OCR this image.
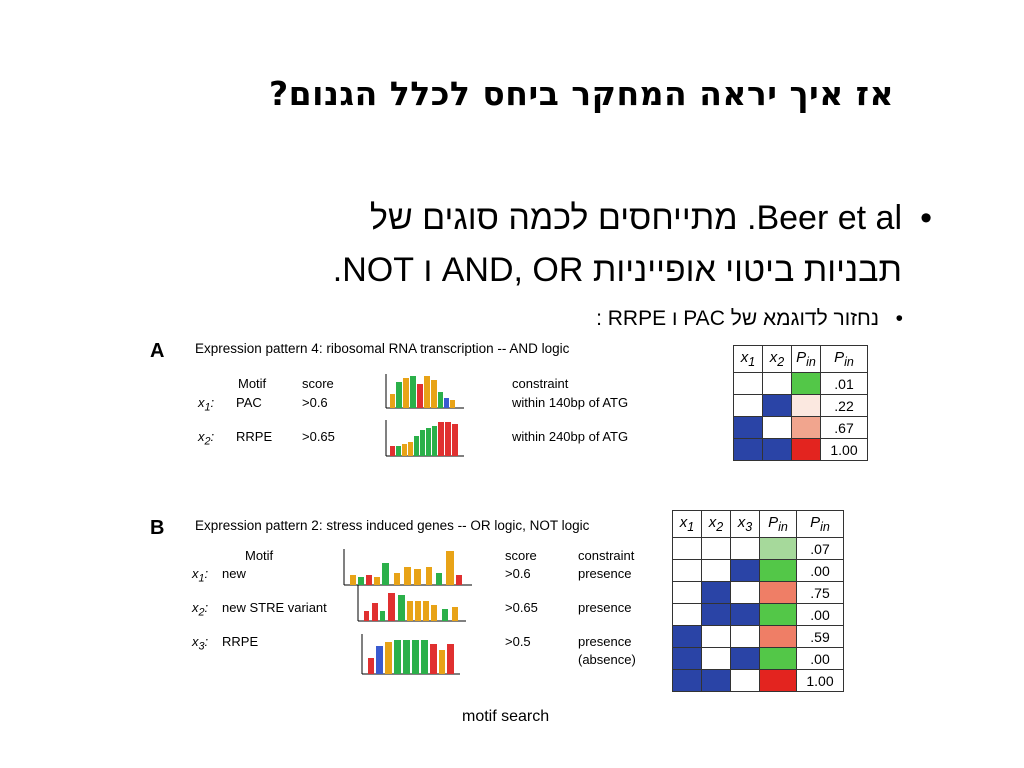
אז איך יראה המחקר ביחס לכלל הגנום?
•
Beer et al. מתייחסים לכמה סוגים של
תבניות ביטוי אופייניות AND, OR ו NOT.
•
נחזור לדוגמא של PAC ו RRPE :
A Expression pattern 4: ribosomal RNA transcription -- AND logic
Motif	score	constraint
$x_1$: PAC	>0.6	within 140bp of ATG
$x_2$: RRPE >0.65	within 240bp of ATG
$x_1$	$x_2$	$P_{in}$	$P_{in}$
			.01
			.22
			.67
			1.00
B Expression pattern 2: stress induced genes -- OR logic, NOT logic
Motif	score	constraint
$x_1$: new	>0.6	presence
$x_2$: new STRE variant	>0.65	presence
$x_3$: RRPE	>0.5	presence
(absence)
$x_1$	$x_2$	$x_3$	$P_{in}$	$P_{in}$
				.07
				.00
				.75
				.00
				.59
				.00
				1.00
motif search
